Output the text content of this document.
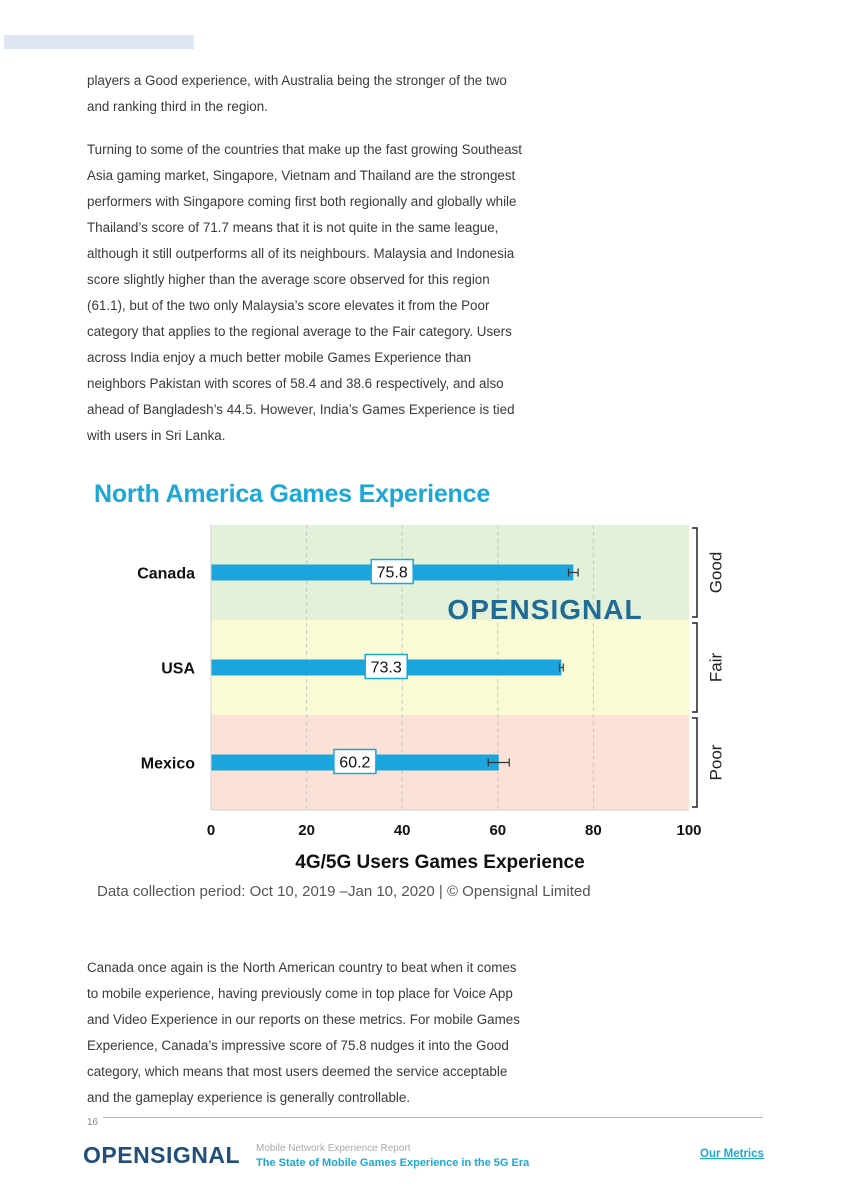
players a Good experience, with Australia being the stronger of the two
and ranking third in the region.
Turning to some of the countries that make up the fast growing Southeast
Asia gaming market, Singapore, Vietnam and Thailand are the strongest
performers with Singapore coming first both regionally and globally while
Thailand’s score of 71.7 means that it is not quite in the same league,
although it still outperforms all of its neighbours. Malaysia and Indonesia
score slightly higher than the average score observed for this region
(61.1), but of the two only Malaysia’s score elevates it from the Poor
category that applies to the regional average to the Fair category. Users
across India enjoy a much better mobile Games Experience than
neighbors Pakistan with scores of 58.4 and 38.6 respectively, and also
ahead of Bangladesh’s 44.5. However, India’s Games Experience is tied
with users in Sri Lanka.
North America Games Experience
OPENSIGNAL
Canada	75.8
USA	73.3
Mexico	60.2
0	20	40	60	80	100
4G/5G Users Games Experience
Good
Fair
Poor
Data collection period: Oct 10, 2019 –Jan 10, 2020 | © Opensignal Limited
Canada once again is the North American country to beat when it comes
to mobile experience, having previously come in top place for Voice App
and Video Experience in our reports on these metrics. For mobile Games
Experience, Canada’s impressive score of 75.8 nudges it into the Good
category, which means that most users deemed the service acceptable
and the gameplay experience is generally controllable.
16
OPENSIGNAL Mobile Network Experience Report
The State of Mobile Games Experience in the 5G Era
Our Metrics
